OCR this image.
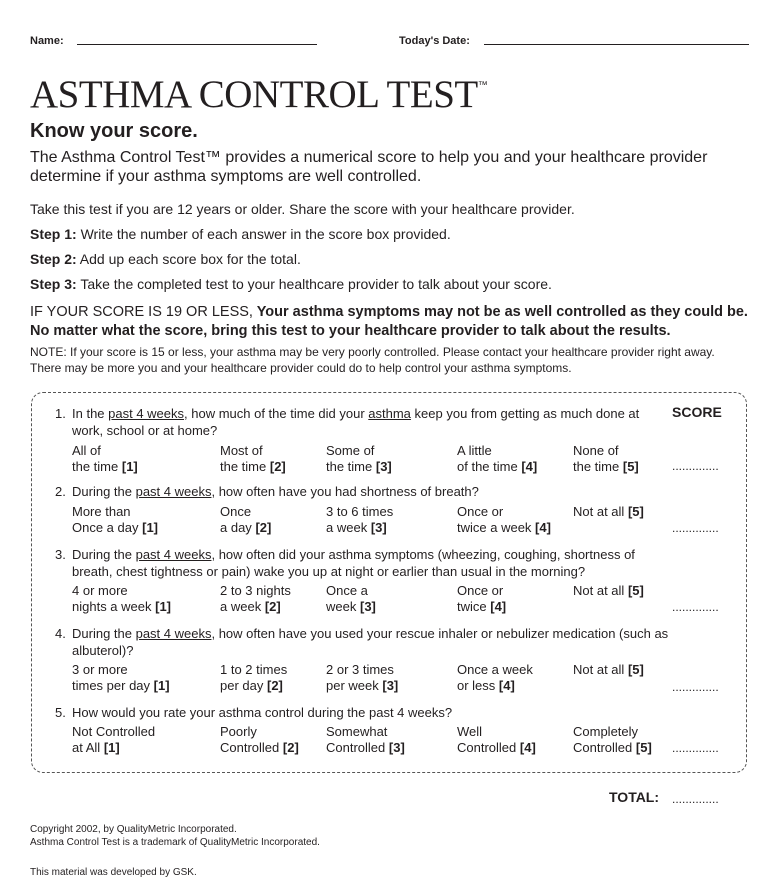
Name:	Today's Date:
ASTHMA CONTROL TEST™
Know your score.
The Asthma Control Test™ provides a numerical score to help you and your healthcare provider determine if your asthma symptoms are well controlled.
Take this test if you are 12 years or older. Share the score with your healthcare provider.
Step 1: Write the number of each answer in the score box provided.
Step 2: Add up each score box for the total.
Step 3: Take the completed test to your healthcare provider to talk about your score.
IF YOUR SCORE IS 19 OR LESS, Your asthma symptoms may not be as well controlled as they could be.
No matter what the score, bring this test to your healthcare provider to talk about the results.
NOTE: If your score is 15 or less, your asthma may be very poorly controlled. Please contact your healthcare provider right away. There may be more you and your healthcare provider could do to help control your asthma symptoms.
SCORE
1. In the past 4 weeks, how much of the time did your asthma keep you from getting as much done at work, school or at home?
All of
the time [1]
Most of
the time [2]
Some of
the time [3]
A little
of the time [4]
None of
the time [5]	..............
2. During the past 4 weeks, how often have you had shortness of breath?
More than
Once a day [1]
Once
a day [2]
3 to 6 times
a week [3]
Once or
twice a week [4]
Not at all [5]
..............
3. During the past 4 weeks, how often did your asthma symptoms (wheezing, coughing, shortness of breath, chest tightness or pain) wake you up at night or earlier than usual in the morning?
4 or more
nights a week [1]
2 to 3 nights
a week [2]
Once a
week [3]
Once or
twice [4]
Not at all [5]
..............
4. During the past 4 weeks, how often have you used your rescue inhaler or nebulizer medication (such as albuterol)?
3 or more
times per day [1]
1 to 2 times
per day [2]
2 or 3 times
per week [3]
Once a week
or less [4]
Not at all [5]
..............
5. How would you rate your asthma control during the past 4 weeks?
Not Controlled
at All [1]
Poorly
Controlled [2]
Somewhat
Controlled [3]
Well
Controlled [4]
Completely
Controlled [5] ..............
TOTAL: ..............
Copyright 2002, by QualityMetric Incorporated.
Asthma Control Test is a trademark of QualityMetric Incorporated.
This material was developed by GSK.
